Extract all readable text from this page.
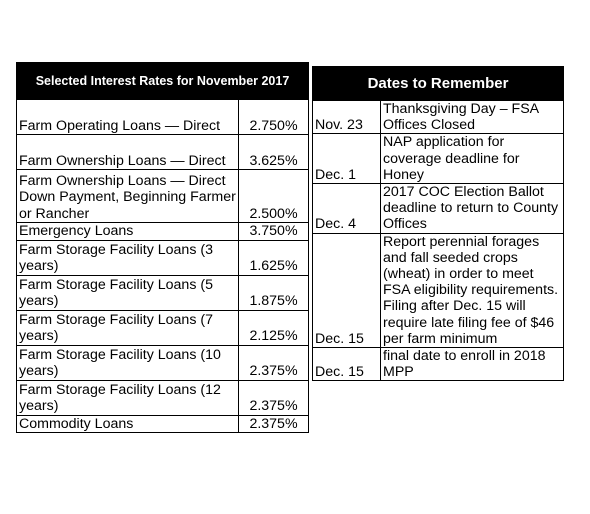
Selected Interest Rates for November 2017	
Farm Operating Loans — Direct	2.750%
Farm Ownership Loans — Direct	3.625%
Farm Ownership Loans — Direct Down Payment, Beginning Farmer or Rancher	2.500%
Emergency Loans	3.750%
Farm Storage Facility Loans (3 years)	1.625%
Farm Storage Facility Loans (5 years)	1.875%
Farm Storage Facility Loans (7 years)	2.125%
Farm Storage Facility Loans (10 years)	2.375%
Farm Storage Facility Loans (12 years)	2.375%
Commodity Loans	2.375%
Dates to Remember	
Nov. 23	Thanksgiving Day – FSA Offices Closed
Dec. 1	NAP application for coverage deadline for Honey
Dec. 4	2017 COC Election Ballot deadline to return to County Offices
Dec. 15	Report perennial forages and fall seeded crops (wheat) in order to meet FSA eligibility requirements. Filing after Dec. 15 will require late filing fee of $46 per farm minimum
Dec. 15	final date to enroll in 2018 MPP
